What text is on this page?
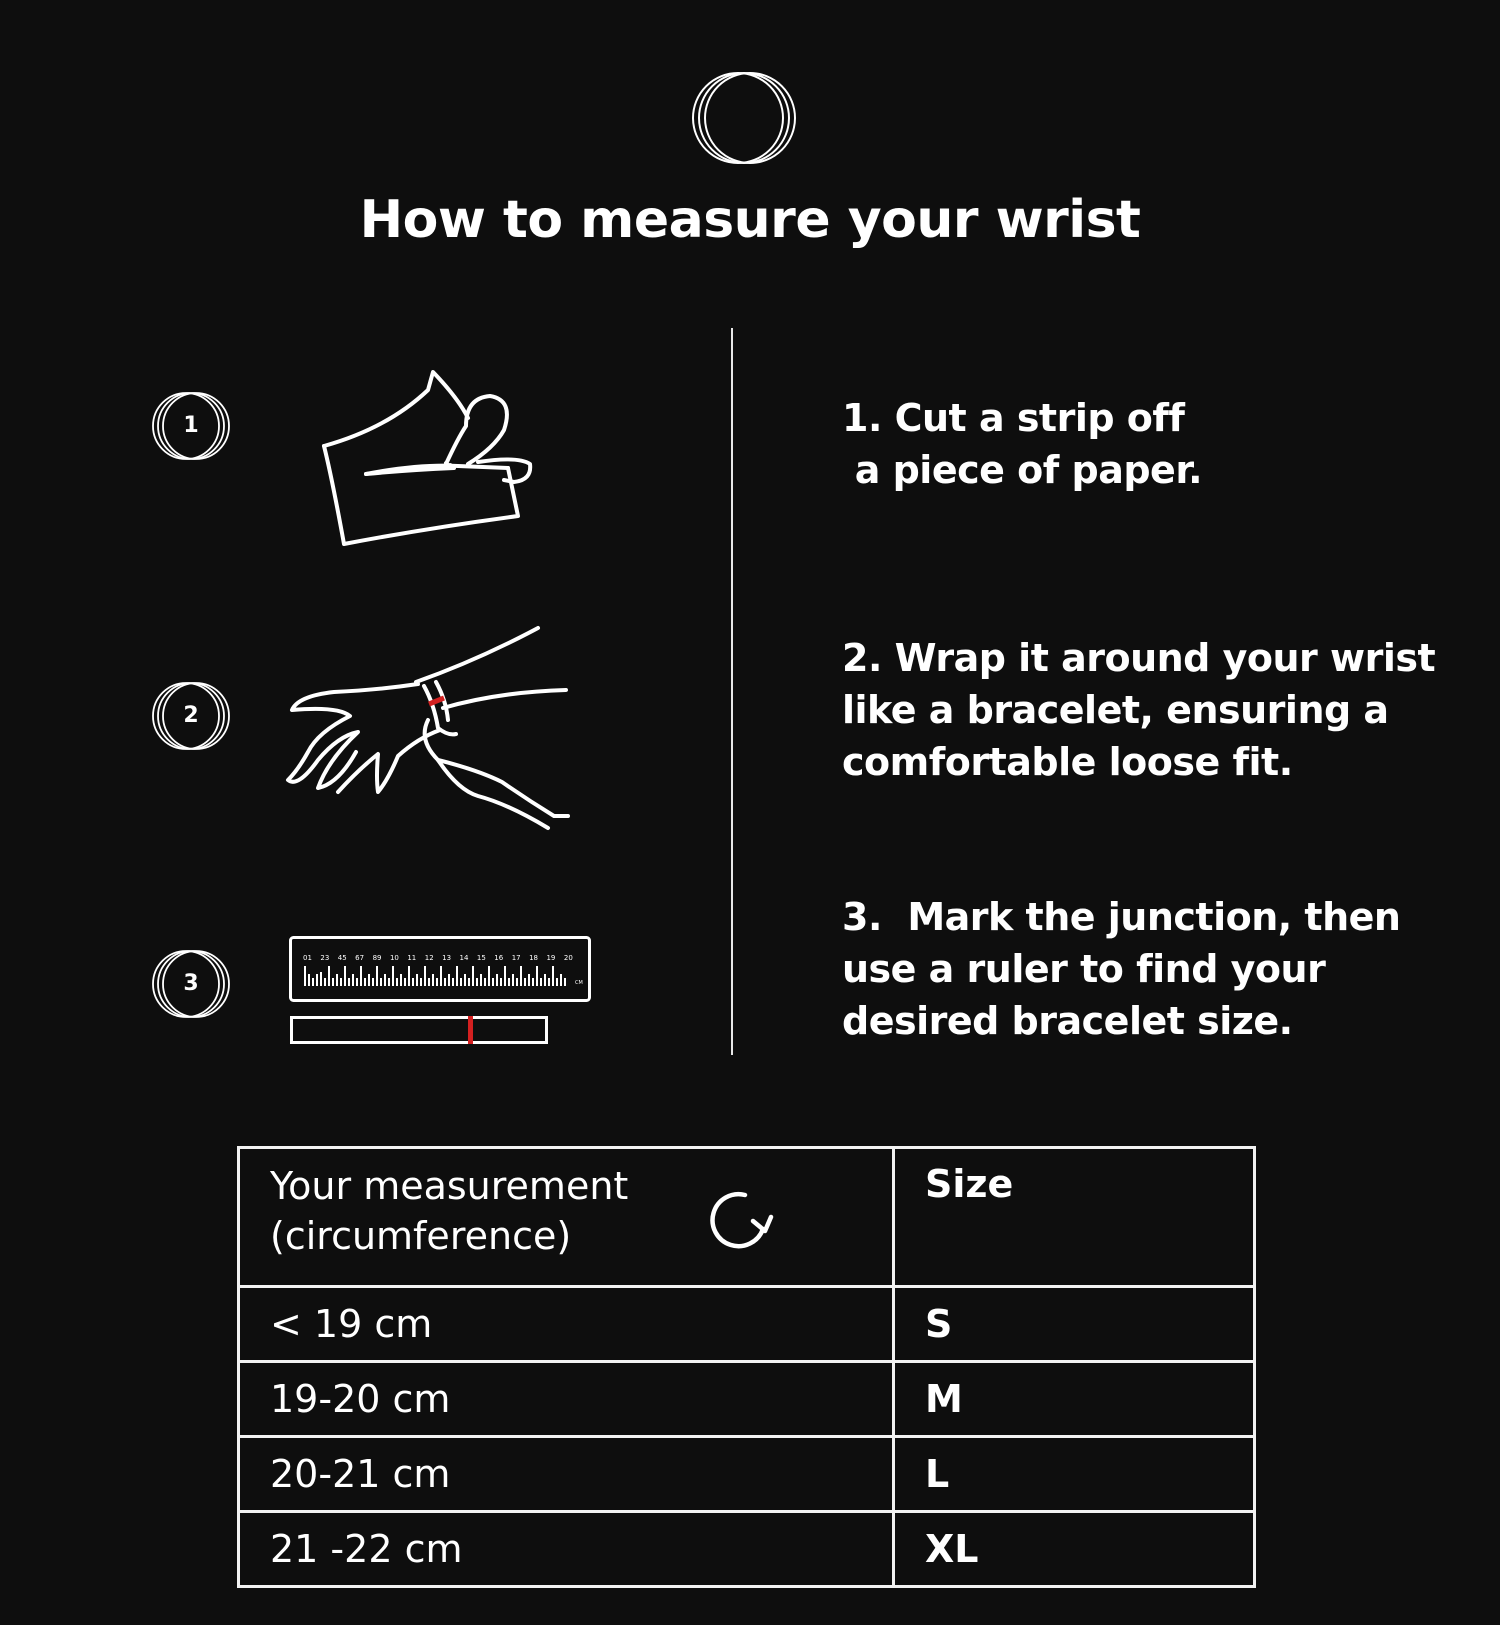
How to measure your wrist
1	1. Cut a strip off
a piece of paper.
2
2. Wrap it around your wrist
like a bracelet, ensuring a
comfortable loose fit.
3
01 23 45 67 89 10 11 12 13 14 15 16 17 18 19 20
CM
3.  Mark the junction, then
use a ruler to find your
desired bracelet size.
Your measurement
(circumference)	Size
< 19 cm	S
19-20 cm	M
20-21 cm	L
21 -22 cm	XL
